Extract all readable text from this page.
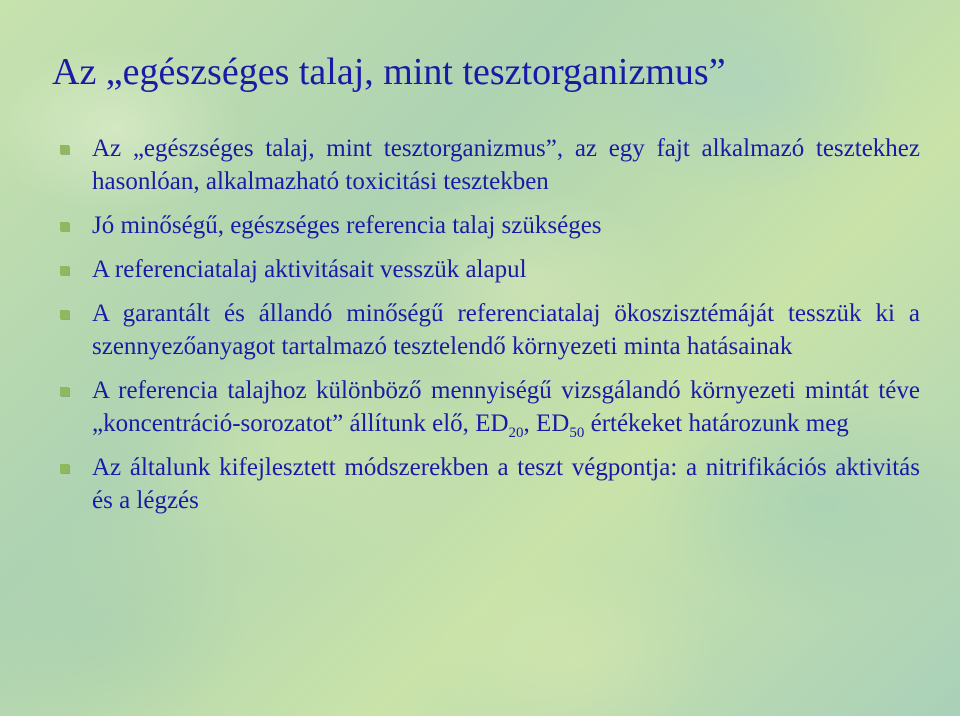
Az „egészséges talaj, mint tesztorganizmus”
Az „egészséges talaj, mint tesztorganizmus”, az egy fajt alkalmazó tesztekhez hasonlóan, alkalmazható toxicitási tesztekben
Jó minőségű, egészséges referencia talaj szükséges
A referenciatalaj aktivitásait vesszük alapul
A garantált és állandó minőségű referenciatalaj ökoszisztémáját tesszük ki a szennyezőanyagot tartalmazó tesztelendő környezeti minta hatásainak
A referencia talajhoz különböző mennyiségű vizsgálandó környezeti mintát téve „koncentráció-sorozatot” állítunk elő, $ED_{20}$, $ED_{50}$ értékeket határozunk meg
Az általunk kifejlesztett módszerekben a teszt végpontja: a nitrifikációs aktivitás és a légzés
